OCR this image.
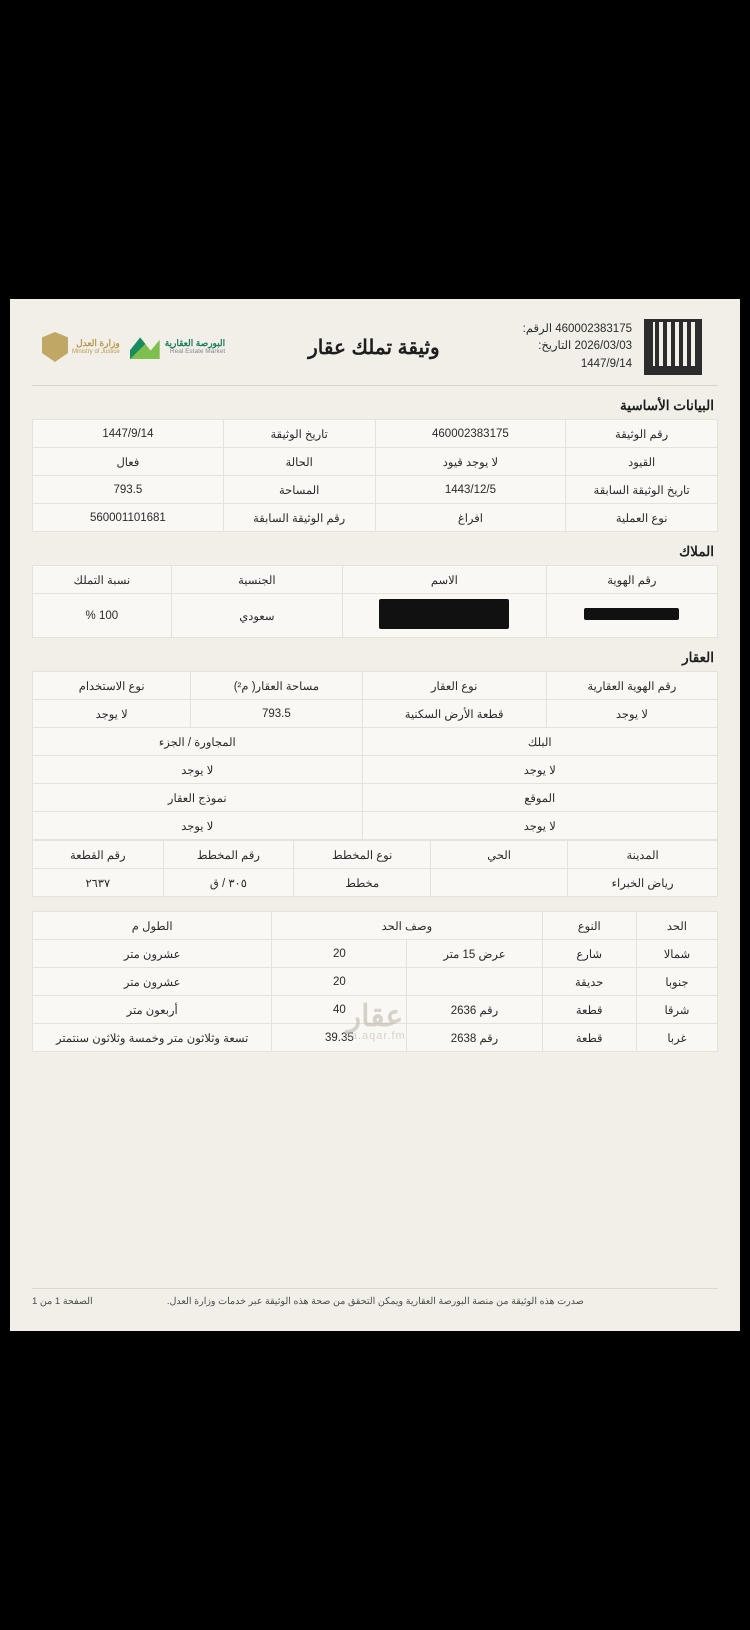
460002383175 الرقم:
2026/03/03 التاريخ:
1447/9/14
وثيقة تملك عقار
البورصة العقارية
Real Estate Market
وزارة العدل
Ministry of Justice
البيانات الأساسية
رقم الوثيقة	460002383175	تاريخ الوثيقة	1447/9/14
القيود	لا يوجد قيود	الحالة	فعال
تاريخ الوثيقة السابقة	1443/12/5	المساحة	793.5
نوع العملية	افراغ	رقم الوثيقة السابقة	560001101681
الملاك
رقم الهوية	الاسم	الجنسية	نسبة التملك
		سعودي	100 %
العقار
رقم الهوية العقارية	نوع العقار	مساحة العقار( م²)	نوع الاستخدام
لا يوجد	قطعة الأرض السكنية	793.5	لا يوجد
البلك		المجاورة / الجزء	
لا يوجد		لا يوجد	
الموقع		نموذج العقار	
لا يوجد		لا يوجد	
المدينة	الحي	نوع المخطط	رقم المخطط	رقم القطعة
رياض الخبراء		مخطط	٣٠٥ / ق	٢٦٣٧
الحد	النوع	وصف الحد		الطول م
شمالا	شارع	عرض 15 متر	20	عشرون متر
جنوبا	حديقة		20	عشرون متر
شرقا	قطعة	رقم 2636	40	أربعون متر
غربا	قطعة	رقم 2638	39.35	تسعة وثلاثون متر وخمسة وثلاثون سنتمتر
عقار
sa.aqar.fm
الصفحة 1 من 1	صدرت هذه الوثيقة من منصة البورصة العقارية ويمكن التحقق من صحة هذه الوثيقة عبر خدمات وزارة العدل.
